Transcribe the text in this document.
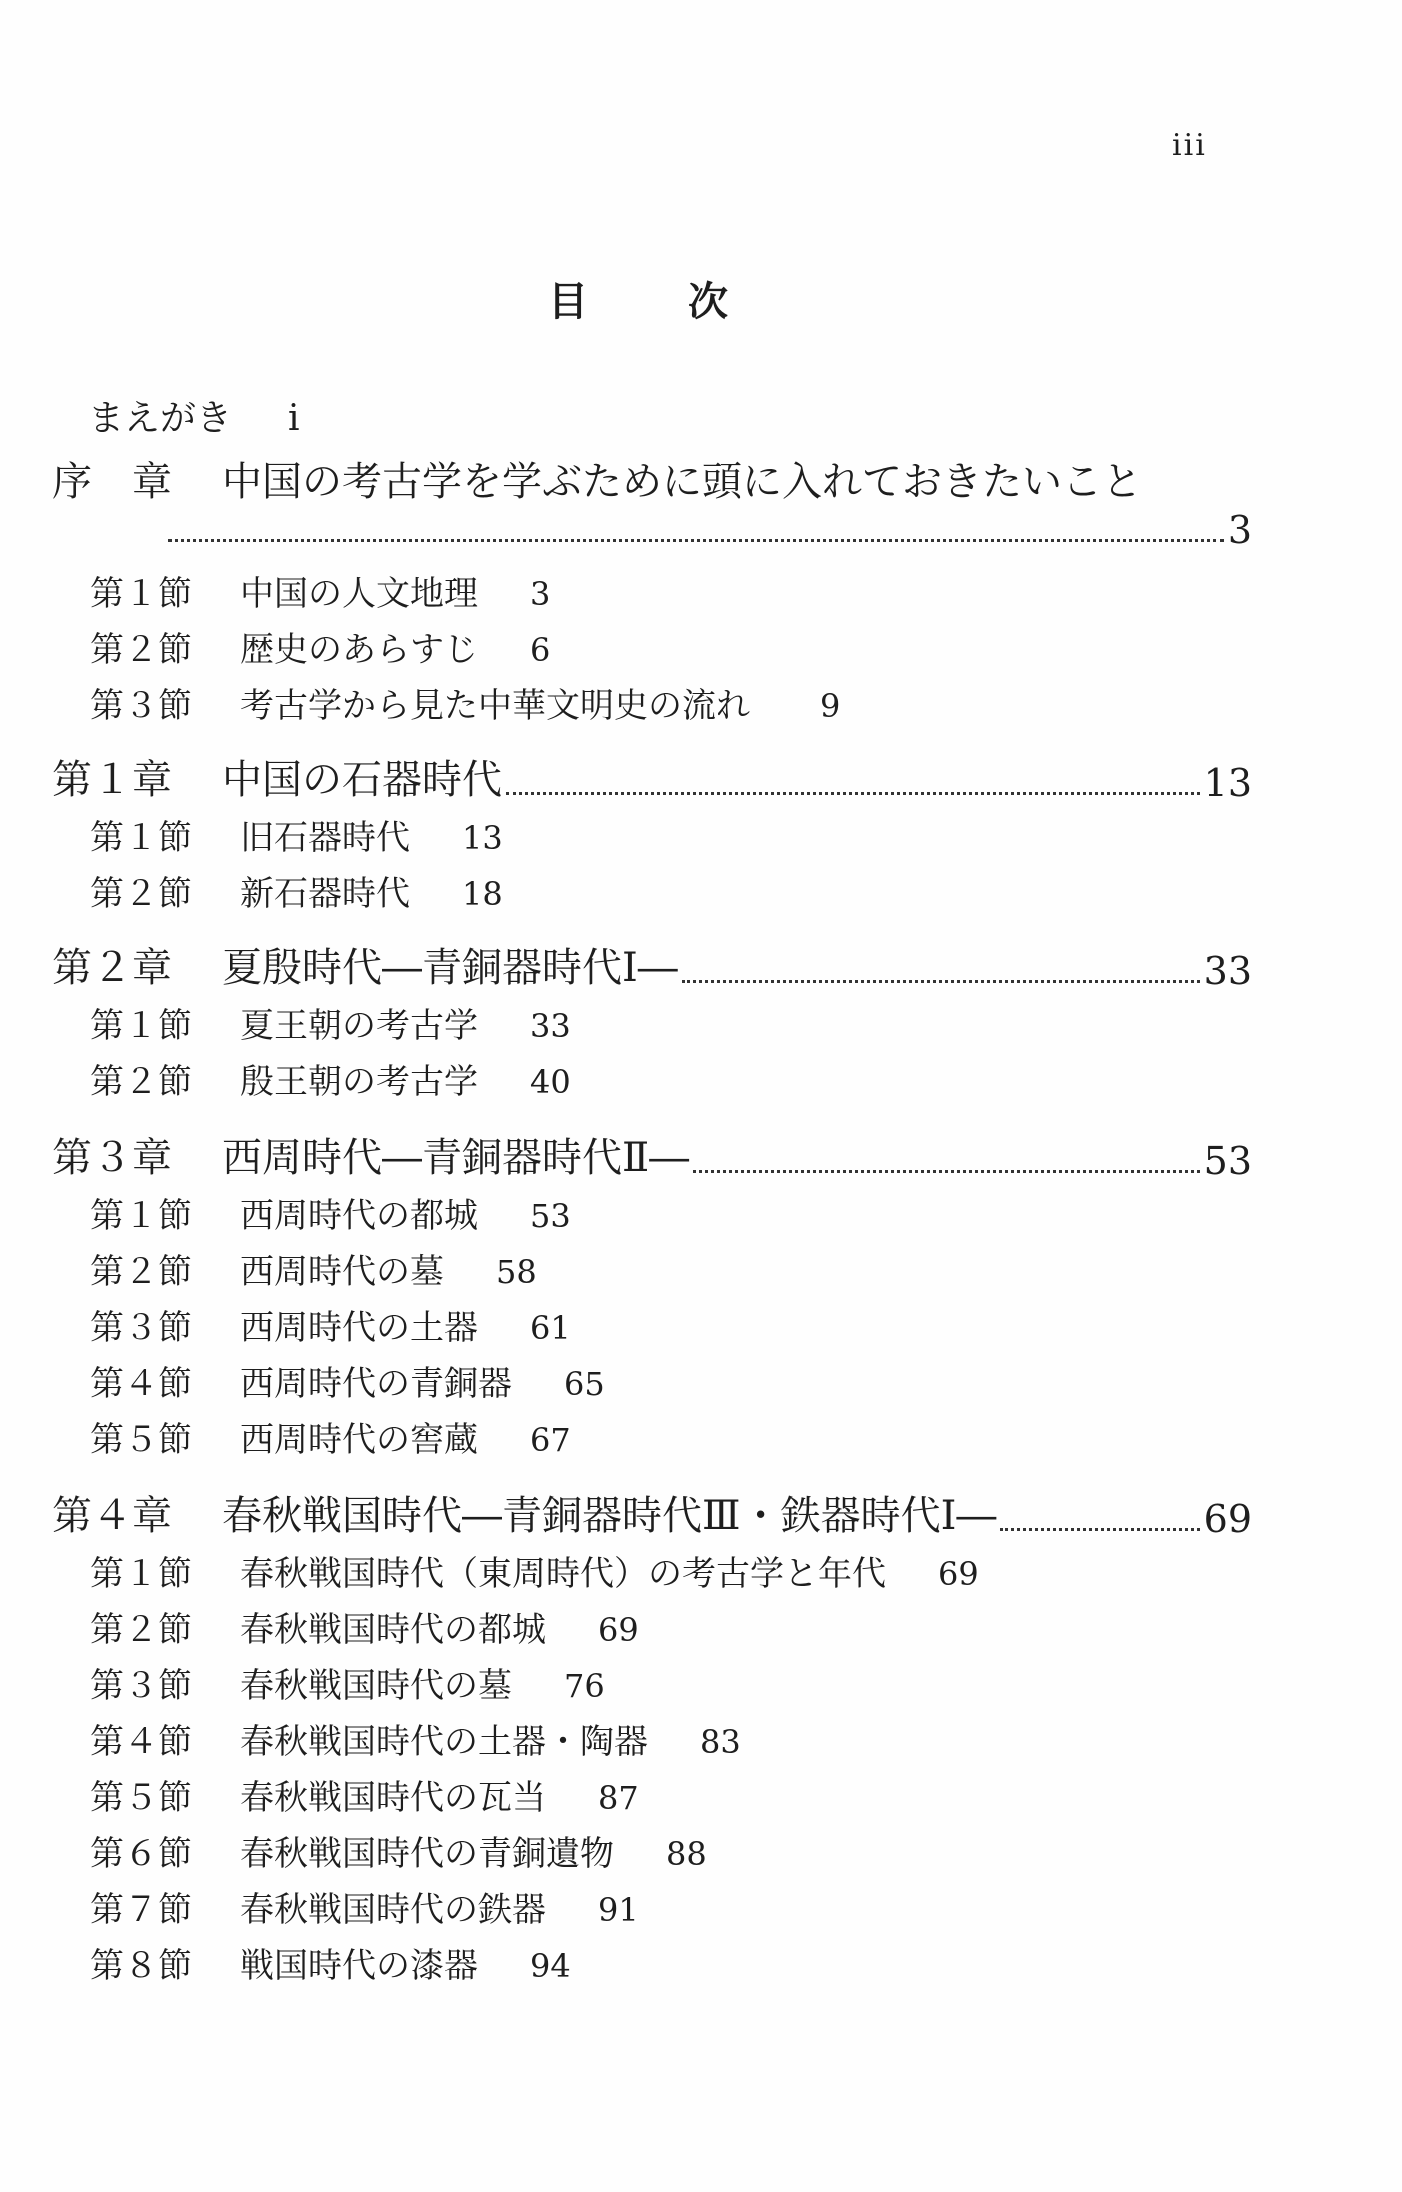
iii
目	次
まえがき i
序　章 中国の考古学を学ぶために頭に入れておきたいこと
3
第１節	中国の人文地理 3
第２節	歴史のあらすじ 6
第３節	考古学から見た中華文明史の流れ 9
第１章 中国の石器時代	13
第１節	旧石器時代 13
第２節	新石器時代 18
第２章 夏殷時代―青銅器時代Ⅰ―	33
第１節	夏王朝の考古学 33
第２節	殷王朝の考古学 40
第３章 西周時代―青銅器時代Ⅱ―	53
第１節	西周時代の都城 53
第２節	西周時代の墓 58
第３節	西周時代の土器 61
第４節	西周時代の青銅器 65
第５節	西周時代の窖蔵 67
第４章 春秋戦国時代―青銅器時代Ⅲ・鉄器時代Ⅰ―	69
第１節	春秋戦国時代（東周時代）の考古学と年代 69
第２節	春秋戦国時代の都城 69
第３節	春秋戦国時代の墓 76
第４節	春秋戦国時代の土器・陶器 83
第５節	春秋戦国時代の瓦当 87
第６節	春秋戦国時代の青銅遺物 88
第７節	春秋戦国時代の鉄器 91
第８節	戦国時代の漆器 94
